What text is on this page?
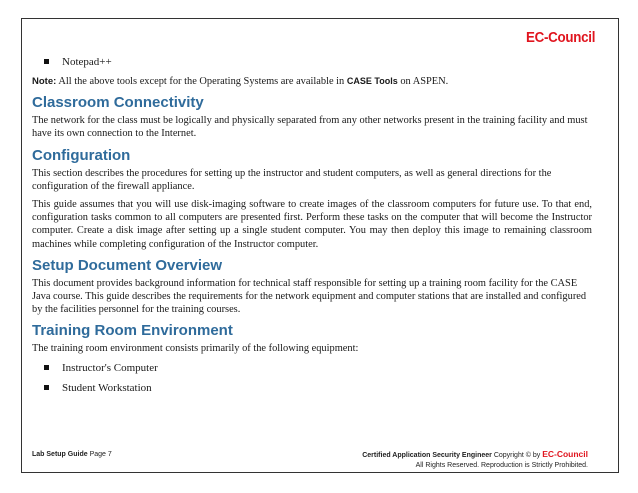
EC-Council
Notepad++

Note: All the above tools except for the Operating Systems are available in CASE Tools on ASPEN.

Classroom Connectivity

The network for the class must be logically and physically separated from any other networks present in the training facility and must have its own connection to the Internet.

Configuration

This section describes the procedures for setting up the instructor and student computers, as well as general directions for the configuration of the firewall appliance.

This guide assumes that you will use disk-imaging software to create images of the classroom computers for future use. To that end, configuration tasks common to all computers are presented first. Perform these tasks on the computer that will become the Instructor computer. Create a disk image after setting up a single student computer. You may then deploy this image to remaining classroom machines while completing configuration of the Instructor computer.

Setup Document Overview

This document provides background information for technical staff responsible for setting up a training room facility for the CASE Java course. This guide describes the requirements for the network equipment and computer stations that are installed and configured by the facilities personnel for the training courses.

Training Room Environment

The training room environment consists primarily of the following equipment:

Instructor's Computer
Student Workstation
Lab Setup Guide Page 7	Certified Application Security Engineer Copyright © by EC-Council
All Rights Reserved. Reproduction is Strictly Prohibited.
